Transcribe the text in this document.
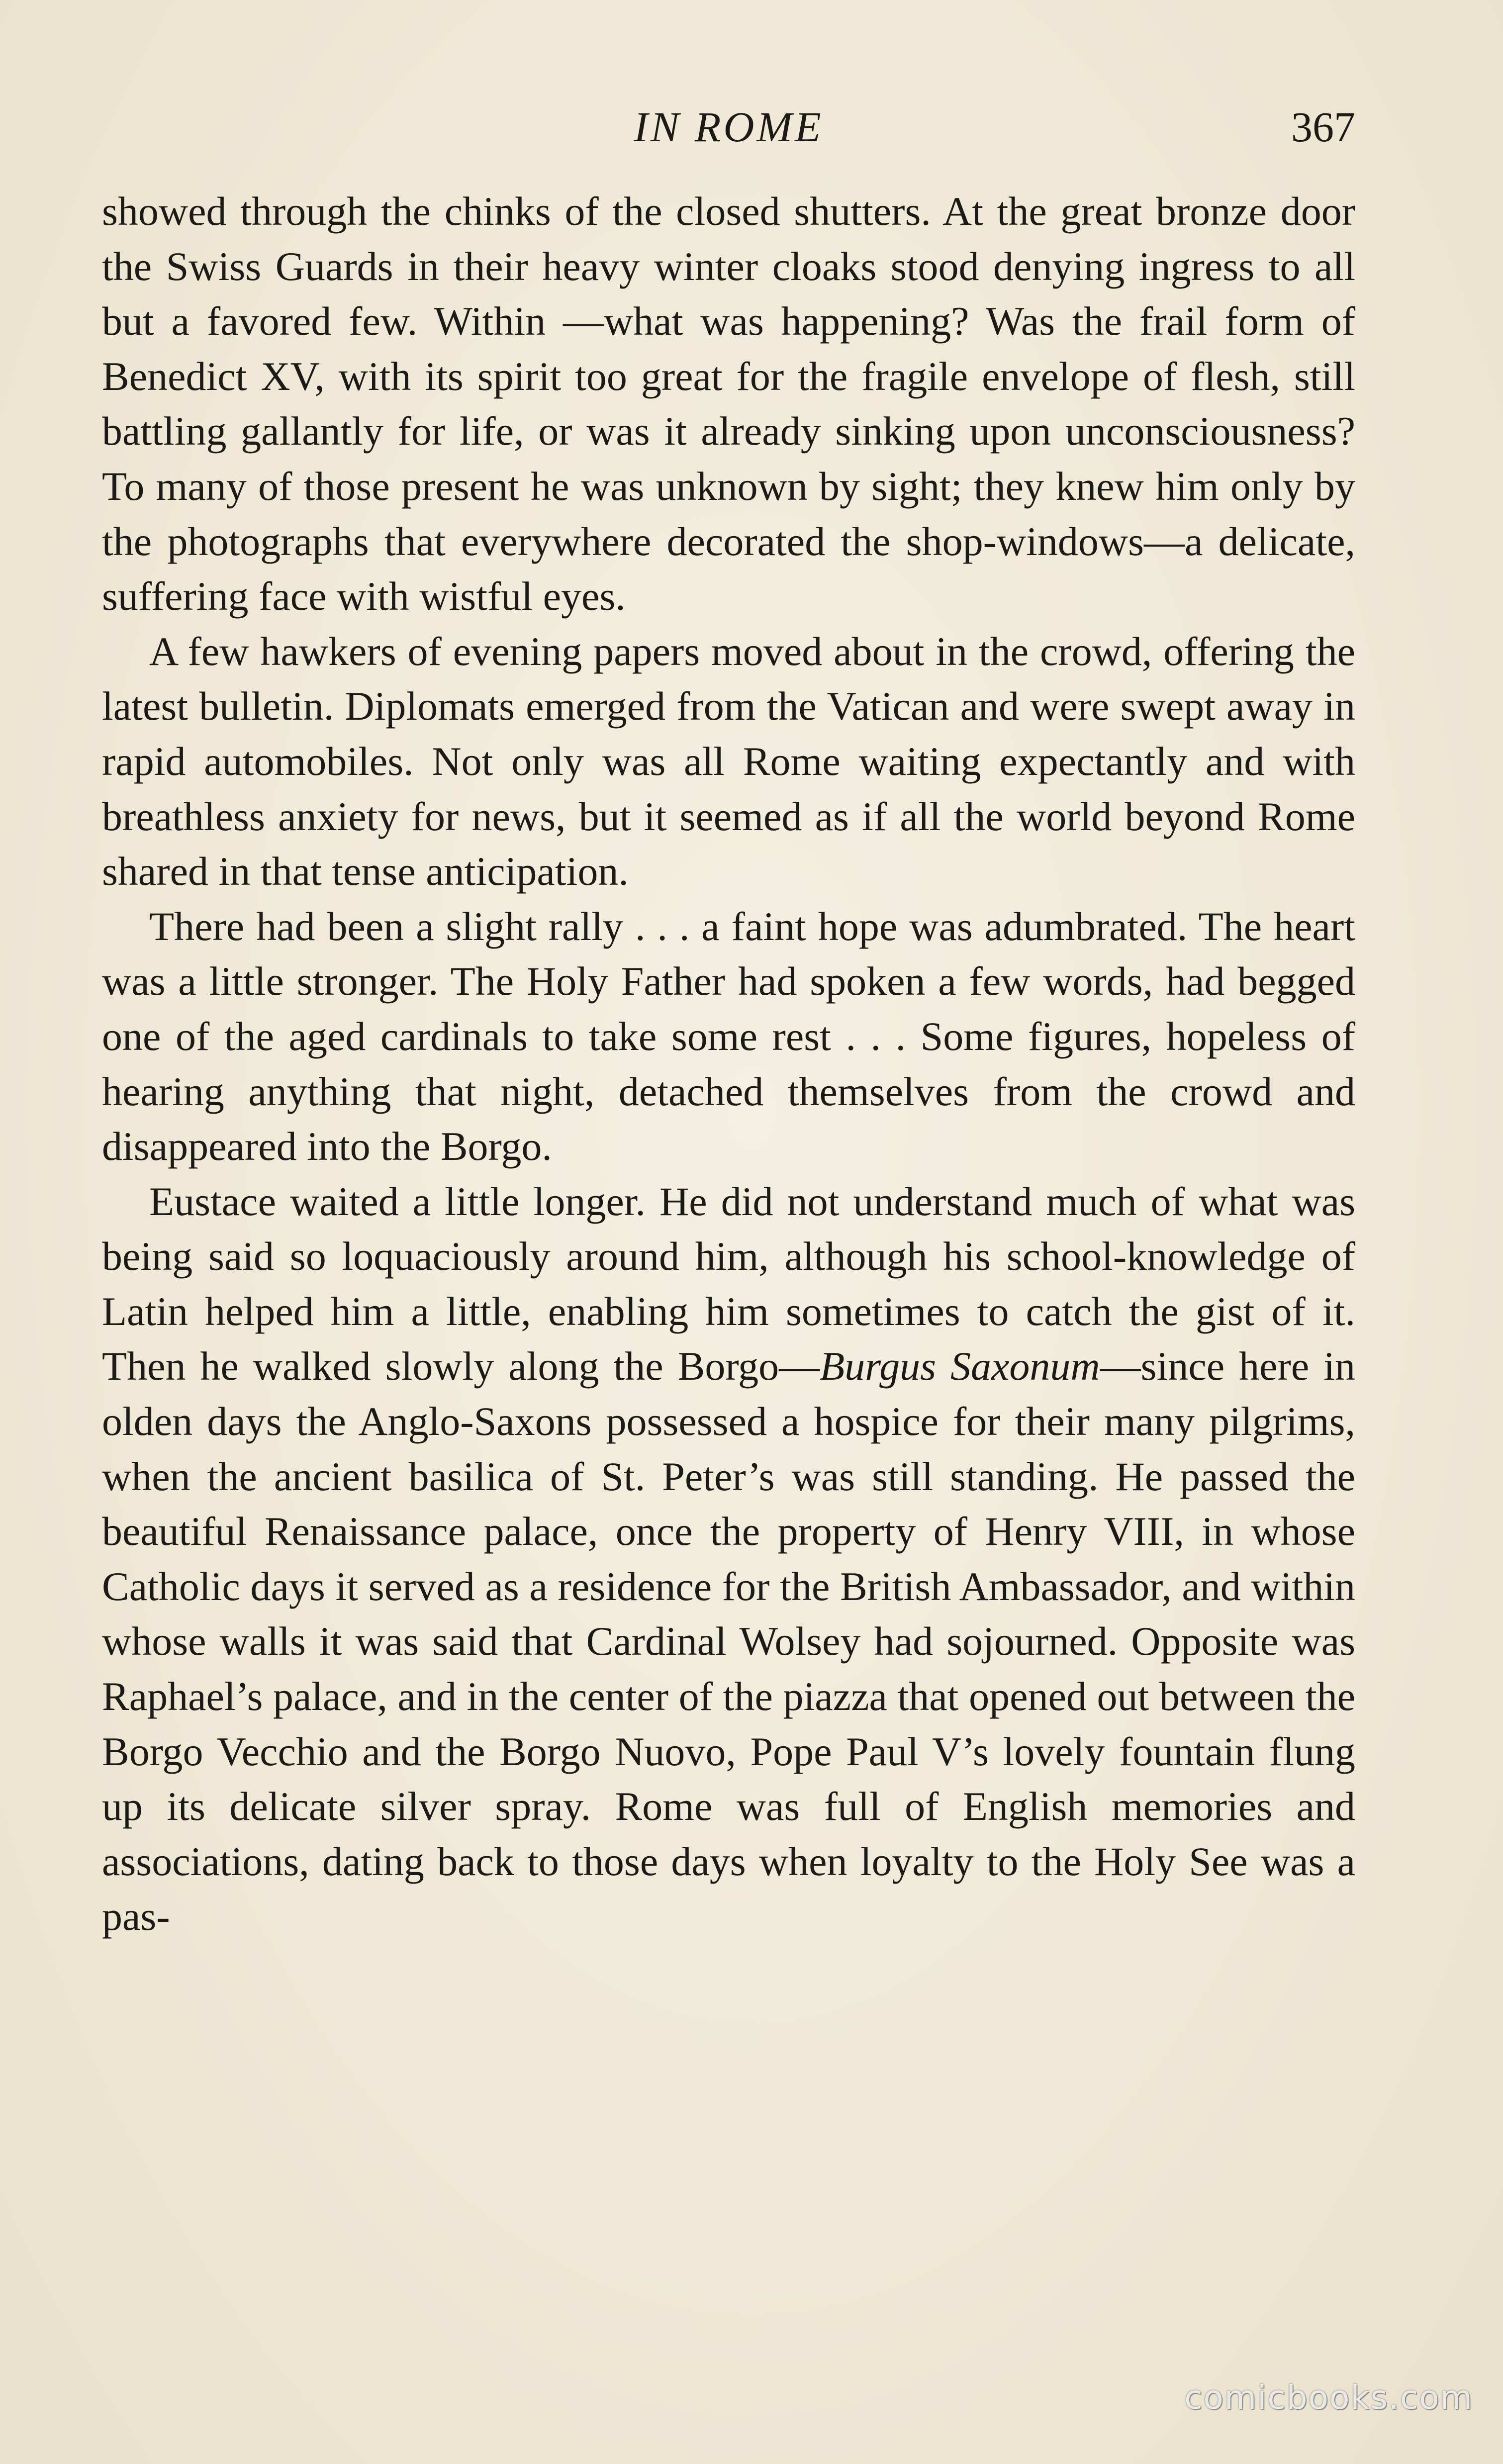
IN ROME	367

showed through the chinks of the closed shutters. At the great bronze door the Swiss Guards in their heavy winter cloaks stood denying ingress to all but a favored few. Within —what was happening? Was the frail form of Benedict XV, with its spirit too great for the fragile envelope of flesh, still battling gallantly for life, or was it already sinking upon unconsciousness? To many of those present he was unknown by sight; they knew him only by the photographs that everywhere decorated the shop-windows—a delicate, suffering face with wistful eyes.

A few hawkers of evening papers moved about in the crowd, offering the latest bulletin. Diplomats emerged from the Vatican and were swept away in rapid automobiles. Not only was all Rome waiting expectantly and with breathless anxiety for news, but it seemed as if all the world beyond Rome shared in that tense anticipation.

There had been a slight rally . . . a faint hope was adumbrated. The heart was a little stronger. The Holy Father had spoken a few words, had begged one of the aged cardinals to take some rest . . . Some figures, hopeless of hearing anything that night, detached themselves from the crowd and disappeared into the Borgo.

Eustace waited a little longer. He did not understand much of what was being said so loquaciously around him, although his school-knowledge of Latin helped him a little, enabling him sometimes to catch the gist of it. Then he walked slowly along the Borgo—Burgus Saxonum—since here in olden days the Anglo-Saxons possessed a hospice for their many pilgrims, when the ancient basilica of St. Peter’s was still standing. He passed the beautiful Renaissance palace, once the property of Henry VIII, in whose Catholic days it served as a residence for the British Ambassador, and within whose walls it was said that Cardinal Wolsey had sojourned. Opposite was Raphael’s palace, and in the center of the piazza that opened out between the Borgo Vecchio and the Borgo Nuovo, Pope Paul V’s lovely fountain flung up its delicate silver spray. Rome was full of English memories and associations, dating back to those days when loyalty to the Holy See was a pas-

comicbooks.com
